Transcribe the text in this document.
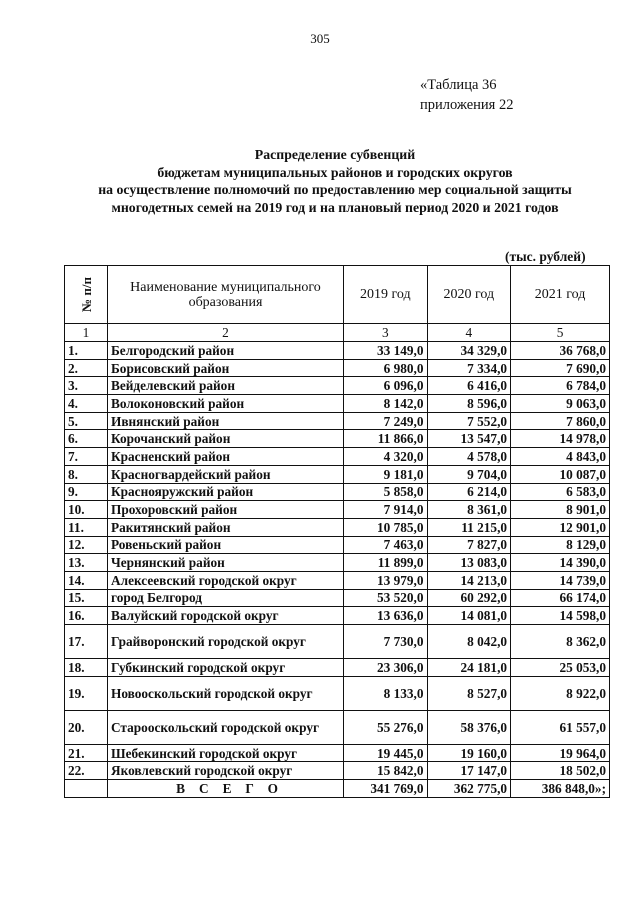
305
«Таблица 36
приложения 22
Распределение субвенций
бюджетам муниципальных районов и городских округов
на осуществление полномочий по предоставлению мер социальной защиты
многодетных семей на 2019 год и на плановый период 2020 и 2021 годов
(тыс. рублей)
№ п/п	Наименование муниципального образования	2019 год	2020 год	2021 год
1	2	3	4	5
1.	Белгородский район	33 149,0	34 329,0	36 768,0
2.	Борисовский район	6 980,0	7 334,0	7 690,0
3.	Вейделевский район	6 096,0	6 416,0	6 784,0
4.	Волоконовский район	8 142,0	8 596,0	9 063,0
5.	Ивнянский район	7 249,0	7 552,0	7 860,0
6.	Корочанский район	11 866,0	13 547,0	14 978,0
7.	Красненский район	4 320,0	4 578,0	4 843,0
8.	Красногвардейский район	9 181,0	9 704,0	10 087,0
9.	Краснояружский район	5 858,0	6 214,0	6 583,0
10.	Прохоровский район	7 914,0	8 361,0	8 901,0
11.	Ракитянский район	10 785,0	11 215,0	12 901,0
12.	Ровеньский район	7 463,0	7 827,0	8 129,0
13.	Чернянский район	11 899,0	13 083,0	14 390,0
14.	Алексеевский городской округ	13 979,0	14 213,0	14 739,0
15.	город Белгород	53 520,0	60 292,0	66 174,0
16.	Валуйский городской округ	13 636,0	14 081,0	14 598,0
17.	Грайворонский городской округ	7 730,0	8 042,0	8 362,0
18.	Губкинский городской округ	23 306,0	24 181,0	25 053,0
19.	Новооскольский городской округ	8 133,0	8 527,0	8 922,0
20.	Старооскольский городской округ	55 276,0	58 376,0	61 557,0
21.	Шебекинский городской округ	19 445,0	19 160,0	19 964,0
22.	Яковлевский городской округ	15 842,0	17 147,0	18 502,0
	ВСЕГО	341 769,0	362 775,0	386 848,0»;
